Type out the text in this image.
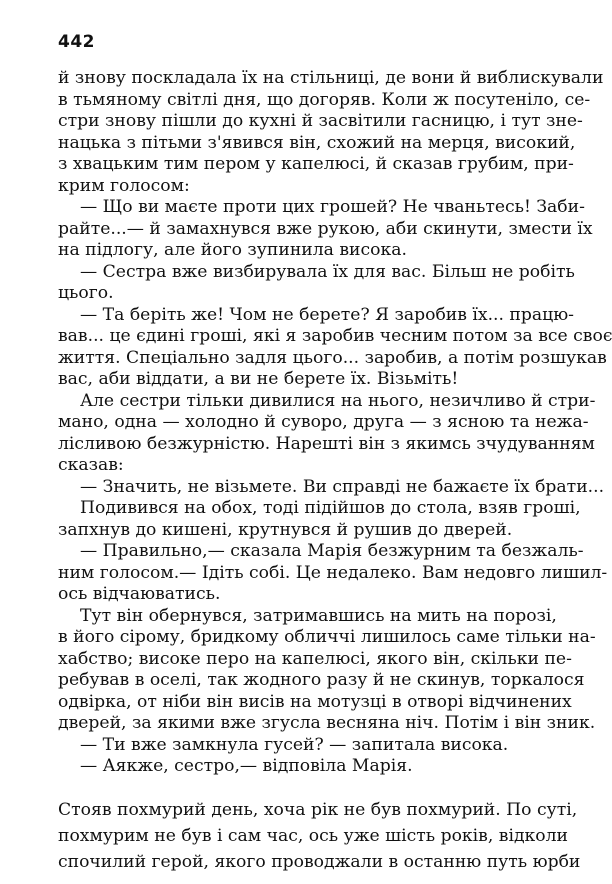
442
й знову поскладала їх на стільниці, де вони й виблискували
в тьмяному світлі дня, що догоряв. Коли ж посутеніло, се-
стри знову пішли до кухні й засвітили гасницю, і тут зне-
нацька з пітьми з'явився він, схожий на мерця, високий,
з хвацьким тим пером у капелюсі, й сказав грубим, при-
крим голосом:
— Що ви маєте проти цих грошей? Не чваньтесь! Заби-
райте...— й замахнувся вже рукою, аби скинути, змести їх
на підлогу, але його зупинила висока.
— Сестра вже визбирувала їх для вас. Більш не робіть
цього.
— Та беріть же! Чом не берете? Я заробив їх... працю-
вав... це єдині гроші, які я заробив чесним потом за все своє
життя. Спеціально задля цього... заробив, а потім розшукав
вас, аби віддати, а ви не берете їх. Візьміть!
Але сестри тільки дивилися на нього, незичливо й стри-
мано, одна — холодно й суворо, друга — з ясною та нежа-
лісливою безжурністю. Нарешті він з якимсь зчудуванням
сказав:
— Значить, не візьмете. Ви справді не бажаєте їх брати...
Подивився на обох, тоді підійшов до стола, взяв гроші,
запхнув до кишені, крутнувся й рушив до дверей.
— Правильно,— сказала Марія безжурним та безжаль-
ним голосом.— Ідіть собі. Це недалеко. Вам недовго лишил-
ось відчаюватись.
Тут він обернувся, затримавшись на мить на порозі,
в його сірому, бридкому обличчі лишилось саме тільки на-
хабство; високе перо на капелюсі, якого він, скільки пе-
ребував в оселі, так жодного разу й не скинув, торкалося
одвірка, от ніби він висів на мотузці в отворі відчинених
дверей, за якими вже згусла весняна ніч. Потім і він зник.
— Ти вже замкнула гусей? — запитала висока.
— Аякже, сестро,— відповіла Марія.
Стояв похмурий день, хоча рік не був похмурий. По суті,
похмурим не був і сам час, ось уже шість років, відколи
спочилий герой, якого проводжали в останню путь юрби
